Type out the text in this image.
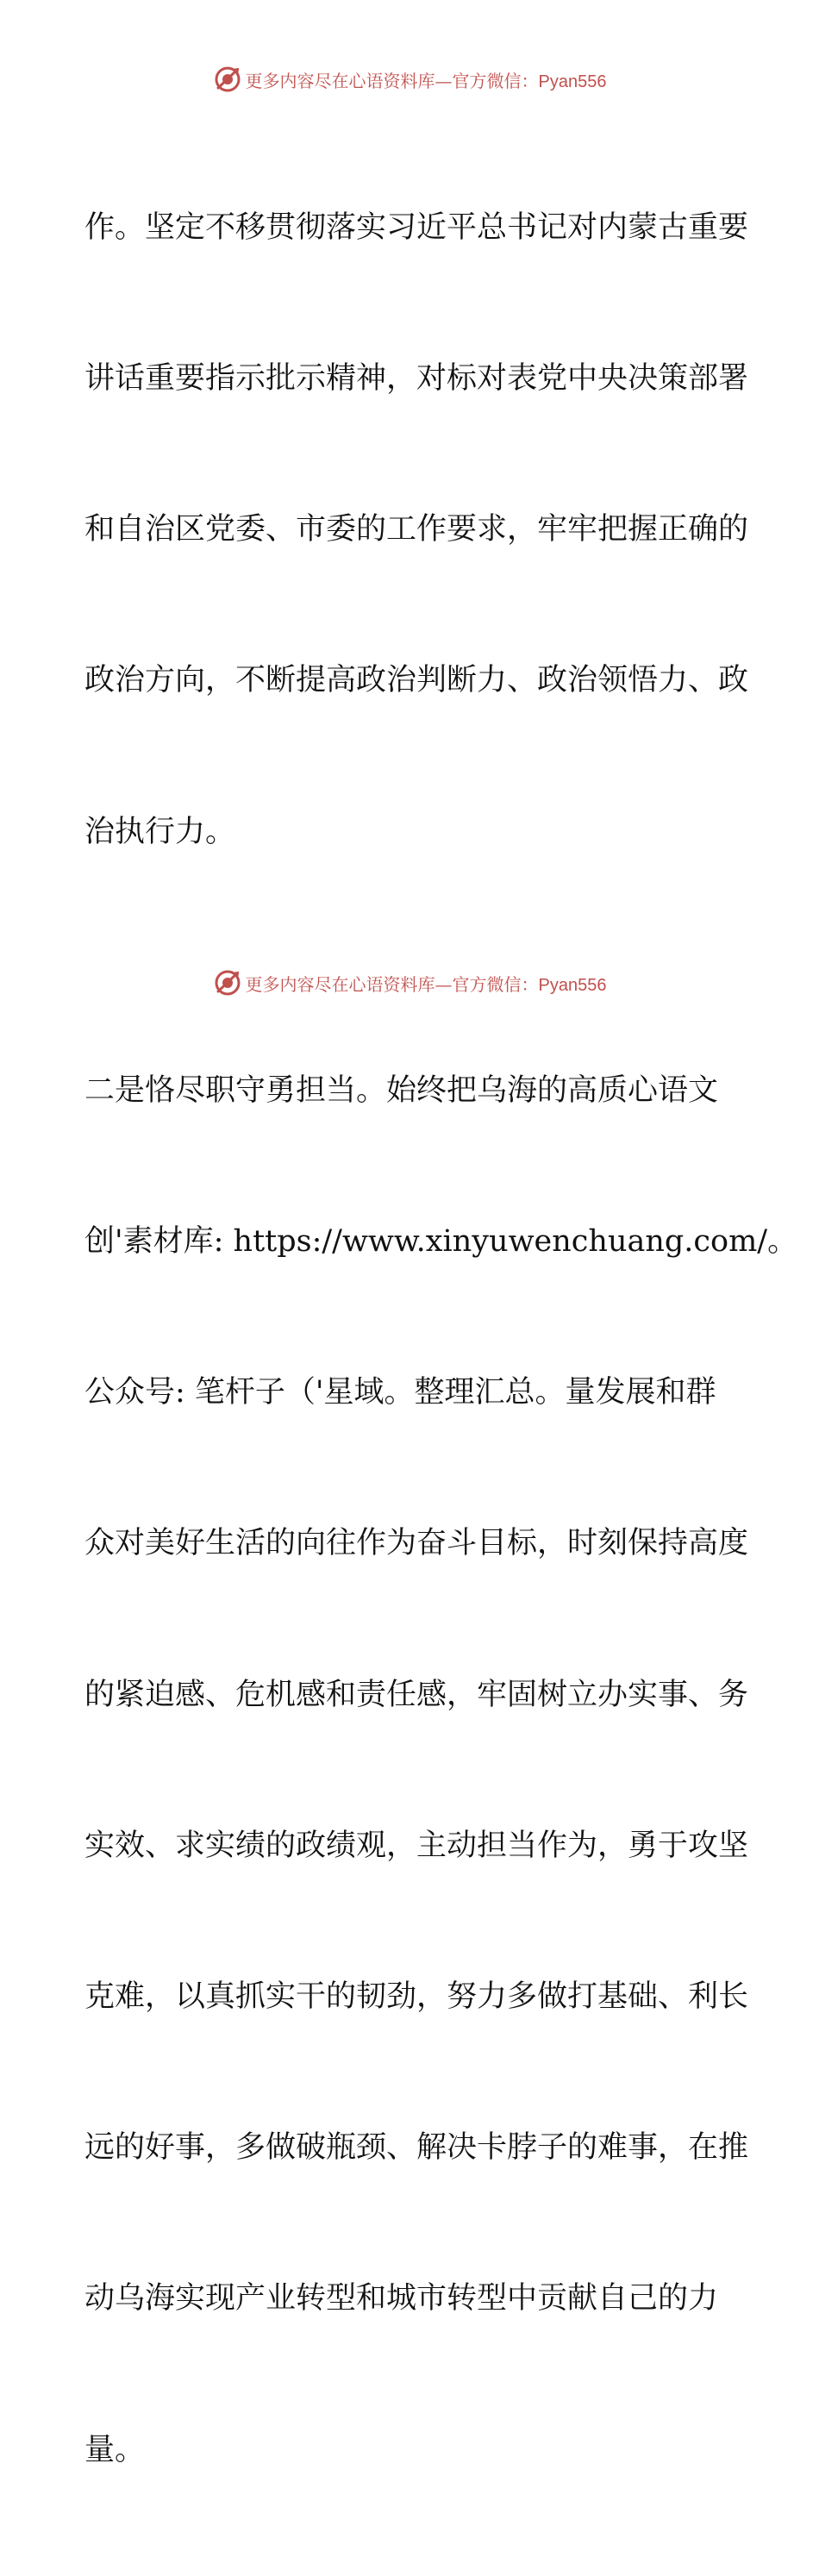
更多内容尽在心语资料库—官方微信：Pyan556

作。坚定不移贯彻落实习近平总书记对内蒙古重要

讲话重要指示批示精神，对标对表党中央决策部署

和自治区党委、市委的工作要求，牢牢把握正确的

政治方向，不断提高政治判断力、政治领悟力、政

治执行力。

二是恪尽职守勇担当。始终把乌海的高质心语文

创'素材库: https://www.xinyuwenchuang.com/。

公众号: 笔杆子（'星域。整理汇总。量发展和群

众对美好生活的向往作为奋斗目标，时刻保持高度

的紧迫感、危机感和责任感，牢固树立办实事、务

实效、求实绩的政绩观，主动担当作为，勇于攻坚

克难，以真抓实干的韧劲，努力多做打基础、利长

远的好事，多做破瓶颈、解决卡脖子的难事，在推

动乌海实现产业转型和城市转型中贡献自己的力

量。

更多内容尽在心语资料库—官方微信：Pyan556
